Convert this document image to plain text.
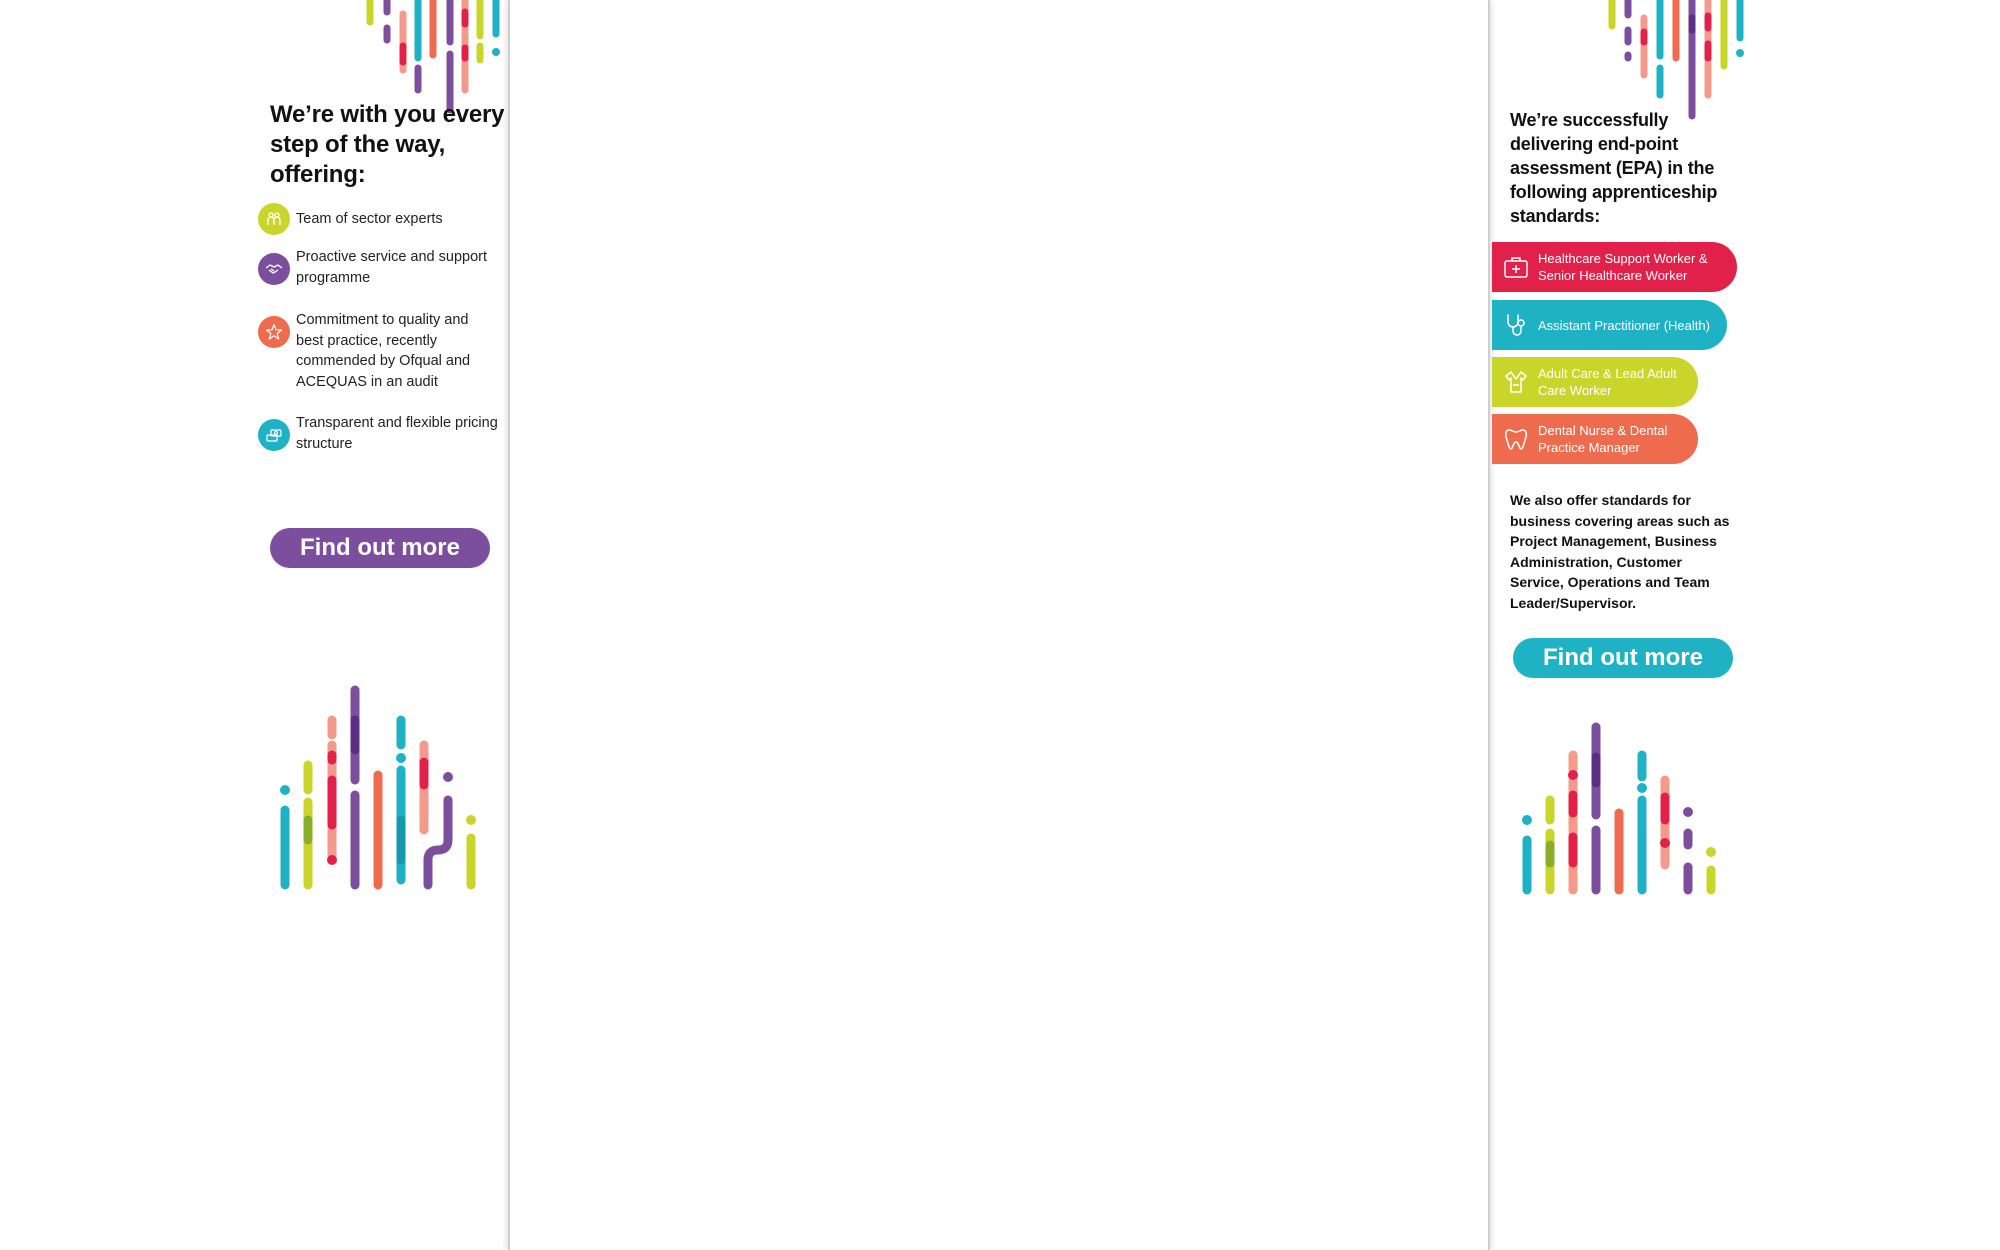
We’re with you every step of the way, offering:
Team of sector experts
Proactive service and support programme
Commitment to quality and best practice, recently commended by Ofqual and ACEQUAS in an audit
Transparent and flexible pricing structure
Find out more
We’re successfully delivering end-point assessment (EPA) in the following apprenticeship standards:
Healthcare Support Worker & Senior Healthcare Worker
Assistant Practitioner (Health)
Adult Care & Lead Adult Care Worker
Dental Nurse & Dental Practice Manager
We also offer standards for business covering areas such as Project Management, Business Administration, Customer Service, Operations and Team Leader/Supervisor.
Find out more
